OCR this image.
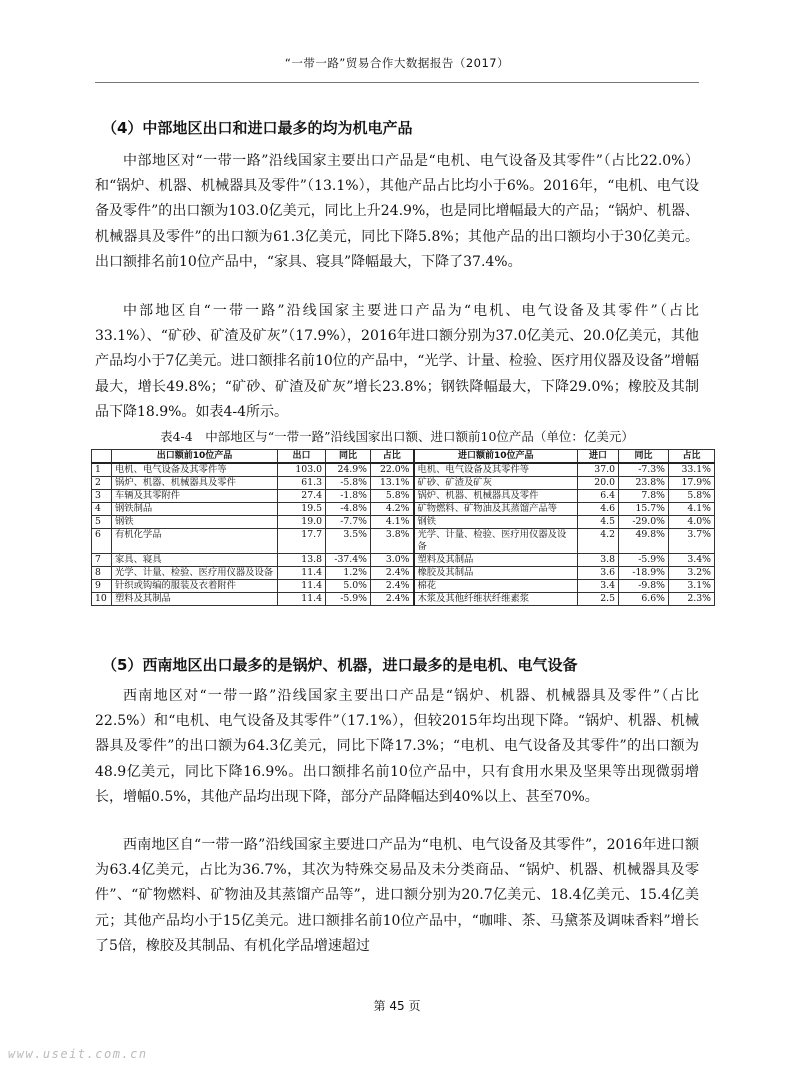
“一带一路”贸易合作大数据报告（2017）
（4）中部地区出口和进口最多的均为机电产品

中部地区对“一带一路”沿线国家主要出口产品是“电机、电气设备及其零件”（占比22.0%）和“锅炉、机器、机械器具及零件”（13.1%），其他产品占比均小于6%。2016年，“电机、电气设备及零件”的出口额为103.0亿美元，同比上升24.9%，也是同比增幅最大的产品；“锅炉、机器、机械器具及零件”的出口额为61.3亿美元，同比下降5.8%；其他产品的出口额均小于30亿美元。出口额排名前10位产品中，“家具、寝具”降幅最大，下降了37.4%。

中部地区自“一带一路”沿线国家主要进口产品为“电机、电气设备及其零件”（占比33.1%）、“矿砂、矿渣及矿灰”（17.9%），2016年进口额分别为37.0亿美元、20.0亿美元，其他产品均小于7亿美元。进口额排名前10位的产品中，“光学、计量、检验、医疗用仪器及设备”增幅最大，增长49.8%；“矿砂、矿渣及矿灰”增长23.8%；钢铁降幅最大，下降29.0%；橡胶及其制品下降18.9%。如表4-4所示。

表4-4　中部地区与“一带一路”沿线国家出口额、进口额前10位产品（单位：亿美元）
	出口额前10位产品	出口	同比	占比	进口额前10位产品	进口	同比	占比
1	电机、电气设备及其零件等	103.0	24.9%	22.0%	电机、电气设备及其零件等	37.0	-7.3%	33.1%
2	锅炉、机器、机械器具及零件	61.3	-5.8%	13.1%	矿砂、矿渣及矿灰	20.0	23.8%	17.9%
3	车辆及其零附件	27.4	-1.8%	5.8%	锅炉、机器、机械器具及零件	6.4	7.8%	5.8%
4	钢铁制品	19.5	-4.8%	4.2%	矿物燃料、矿物油及其蒸馏产品等	4.6	15.7%	4.1%
5	钢铁	19.0	-7.7%	4.1%	钢铁	4.5	-29.0%	4.0%
6	有机化学品	17.7	3.5%	3.8%	光学、计量、检验、医疗用仪器及设备	4.2	49.8%	3.7%
7	家具、寝具	13.8	-37.4%	3.0%	塑料及其制品	3.8	-5.9%	3.4%
8	光学、计量、检验、医疗用仪器及设备	11.4	1.2%	2.4%	橡胶及其制品	3.6	-18.9%	3.2%
9	针织或钩编的服装及衣着附件	11.4	5.0%	2.4%	棉花	3.4	-9.8%	3.1%
10	塑料及其制品	11.4	-5.9%	2.4%	木浆及其他纤维状纤维素浆	2.5	6.6%	2.3%
（5）西南地区出口最多的是锅炉、机器，进口最多的是电机、电气设备

西南地区对“一带一路”沿线国家主要出口产品是“锅炉、机器、机械器具及零件”（占比22.5%）和“电机、电气设备及其零件”（17.1%），但较2015年均出现下降。“锅炉、机器、机械器具及零件”的出口额为64.3亿美元，同比下降17.3%；“电机、电气设备及其零件”的出口额为48.9亿美元，同比下降16.9%。出口额排名前10位产品中，只有食用水果及坚果等出现微弱增长，增幅0.5%，其他产品均出现下降，部分产品降幅达到40%以上、甚至70%。

西南地区自“一带一路”沿线国家主要进口产品为“电机、电气设备及其零件”，2016年进口额为63.4亿美元，占比为36.7%，其次为特殊交易品及未分类商品、“锅炉、机器、机械器具及零件”、“矿物燃料、矿物油及其蒸馏产品等”，进口额分别为20.7亿美元、18.4亿美元、15.4亿美元；其他产品均小于15亿美元。进口额排名前10位产品中，“咖啡、茶、马黛茶及调味香料”增长了5倍，橡胶及其制品、有机化学品增速超过

第 45 页
www.useit.com.cn
